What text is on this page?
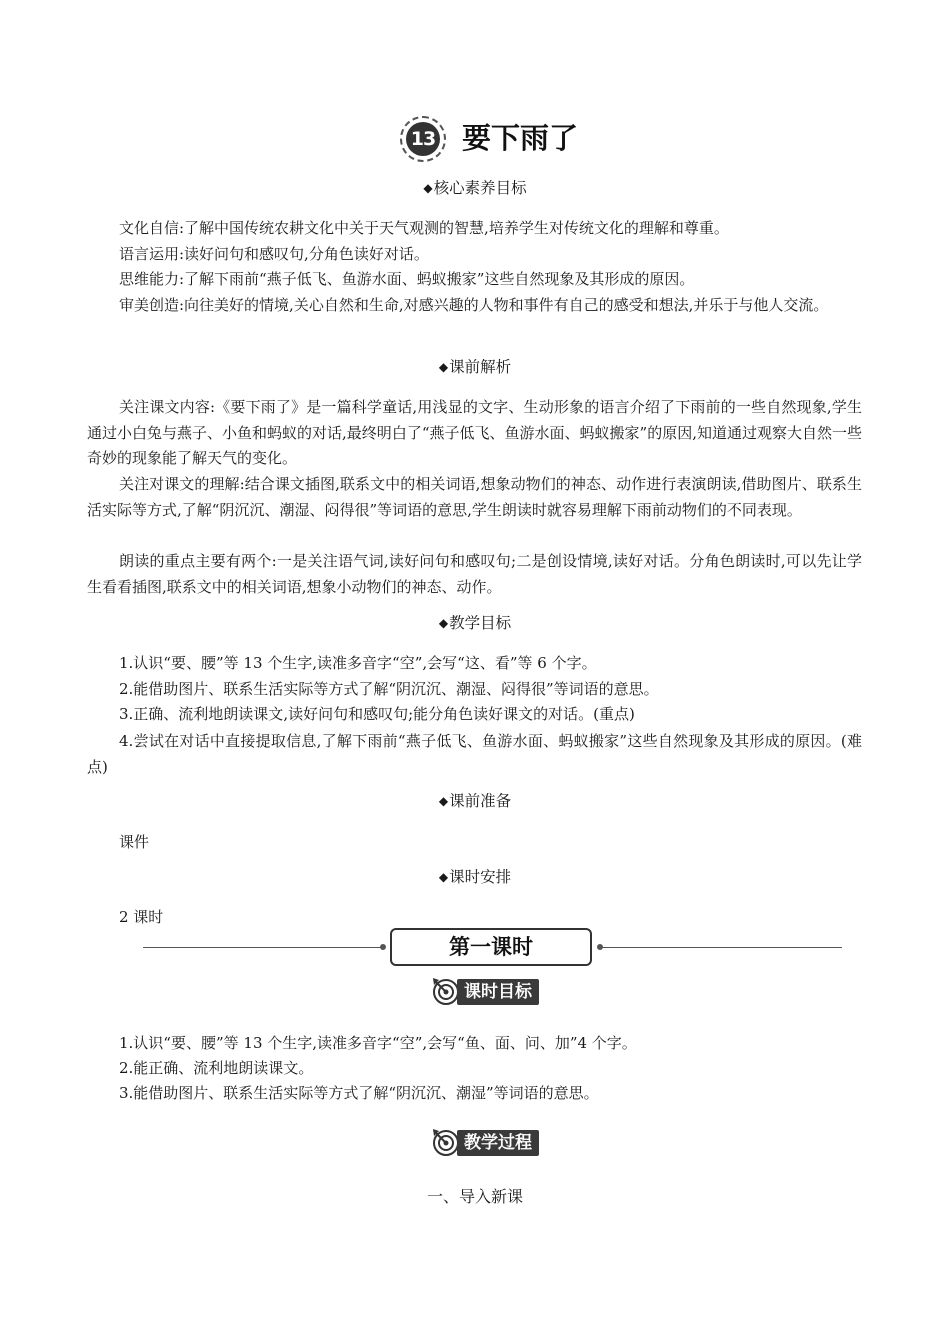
13 要下雨了
◆核心素养目标

文化自信:了解中国传统农耕文化中关于天气观测的智慧,培养学生对传统文化的理解和尊重。

语言运用:读好问句和感叹句,分角色读好对话。

思维能力:了解下雨前“燕子低飞、鱼游水面、蚂蚁搬家”这些自然现象及其形成的原因。

审美创造:向往美好的情境,关心自然和生命,对感兴趣的人物和事件有自己的感受和想法,并乐于与他人交流。

◆课前解析

关注课文内容:《要下雨了》是一篇科学童话,用浅显的文字、生动形象的语言介绍了下雨前的一些自然现象,学生通过小白兔与燕子、小鱼和蚂蚁的对话,最终明白了“燕子低飞、鱼游水面、蚂蚁搬家”的原因,知道通过观察大自然一些奇妙的现象能了解天气的变化。

关注对课文的理解:结合课文插图,联系文中的相关词语,想象动物们的神态、动作进行表演朗读,借助图片、联系生活实际等方式,了解“阴沉沉、潮湿、闷得很”等词语的意思,学生朗读时就容易理解下雨前动物们的不同表现。

朗读的重点主要有两个:一是关注语气词,读好问句和感叹句;二是创设情境,读好对话。分角色朗读时,可以先让学生看看插图,联系文中的相关词语,想象小动物们的神态、动作。

◆教学目标

1.认识“要、腰”等 13 个生字,读准多音字“空”,会写“这、看”等 6 个字。

2.能借助图片、联系生活实际等方式了解“阴沉沉、潮湿、闷得很”等词语的意思。

3.正确、流利地朗读课文,读好问句和感叹句;能分角色读好课文的对话。(重点)

4.尝试在对话中直接提取信息,了解下雨前“燕子低飞、鱼游水面、蚂蚁搬家”这些自然现象及其形成的原因。(难点)

◆课前准备
课件
◆课时安排
2 课时
第一课时
课时目标
1.认识“要、腰”等 13 个生字,读准多音字“空”,会写“鱼、面、问、加”4 个字。
2.能正确、流利地朗读课文。
3.能借助图片、联系生活实际等方式了解“阴沉沉、潮湿”等词语的意思。
教学过程
一、导入新课
